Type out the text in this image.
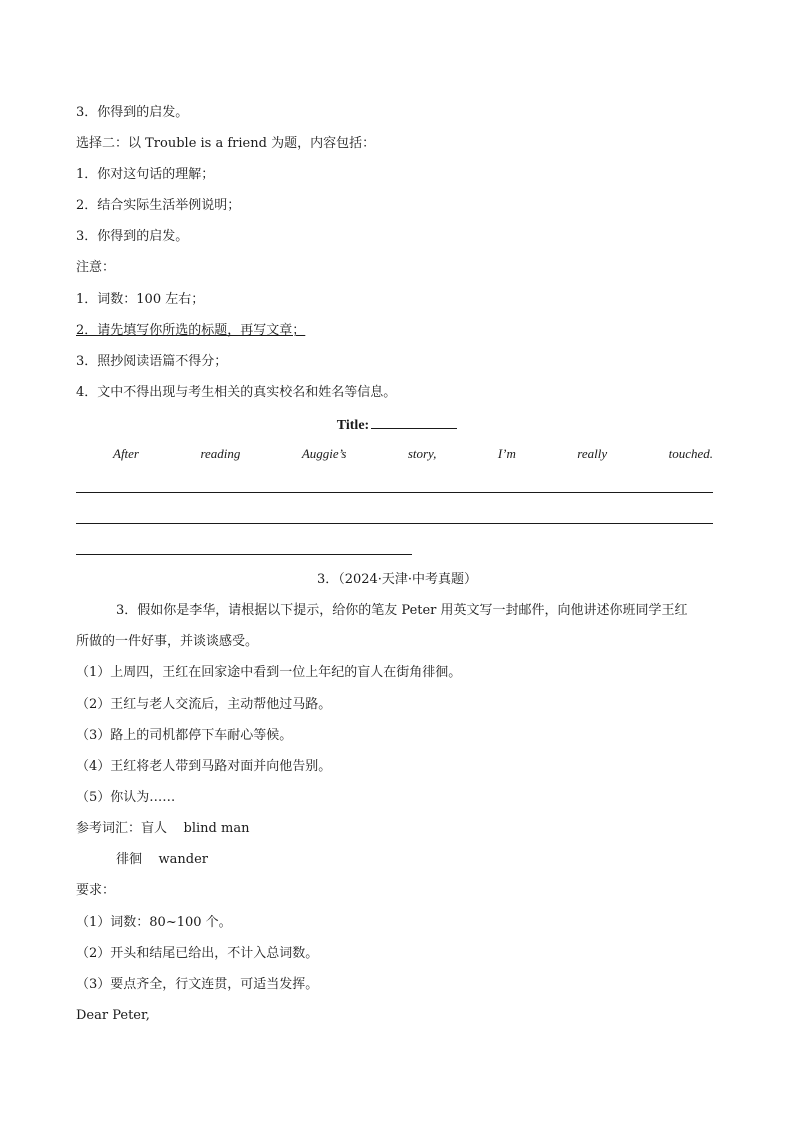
3．你得到的启发。
选择二：以 Trouble is a friend 为题，内容包括：
1．你对这句话的理解；
2．结合实际生活举例说明；
3．你得到的启发。
注意：
1．词数：100 左右；
2．请先填写你所选的标题，再写文章；
3．照抄阅读语篇不得分；
4．文中不得出现与考生相关的真实校名和姓名等信息。
Title:
After	reading	Auggie’s	story,	I’m	really	touched.
3．（2024·天津·中考真题）
3．假如你是李华，请根据以下提示，给你的笔友 Peter 用英文写一封邮件，向他讲述你班同学王红
所做的一件好事，并谈谈感受。
（1）上周四，王红在回家途中看到一位上年纪的盲人在街角徘徊。
（2）王红与老人交流后，主动帮他过马路。
（3）路上的司机都停下车耐心等候。
（4）王红将老人带到马路对面并向他告别。
（5）你认为……
参考词汇：盲人    blind man
徘徊    wander
要求：
（1）词数：80~100 个。
（2）开头和结尾已给出，不计入总词数。
（3）要点齐全，行文连贯，可适当发挥。
Dear Peter,
